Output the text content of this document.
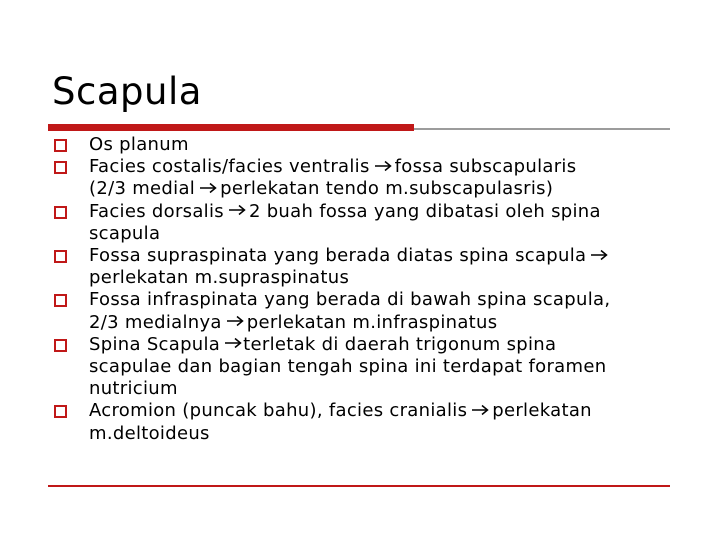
Scapula
Os planum
Facies costalis/facies ventralis fossa subscapularis
(2/3 medial perlekatan tendo m.subscapulasris)
Facies dorsalis 2 buah fossa yang dibatasi oleh spina
scapula
Fossa supraspinata yang berada diatas spina scapula
perlekatan m.supraspinatus
Fossa infraspinata yang berada di bawah spina scapula,
2/3 medialnya perlekatan m.infraspinatus
Spina Scapula terletak di daerah trigonum spina
scapulae dan bagian tengah spina ini terdapat foramen
nutricium
Acromion (puncak bahu), facies cranialis perlekatan
m.deltoideus
